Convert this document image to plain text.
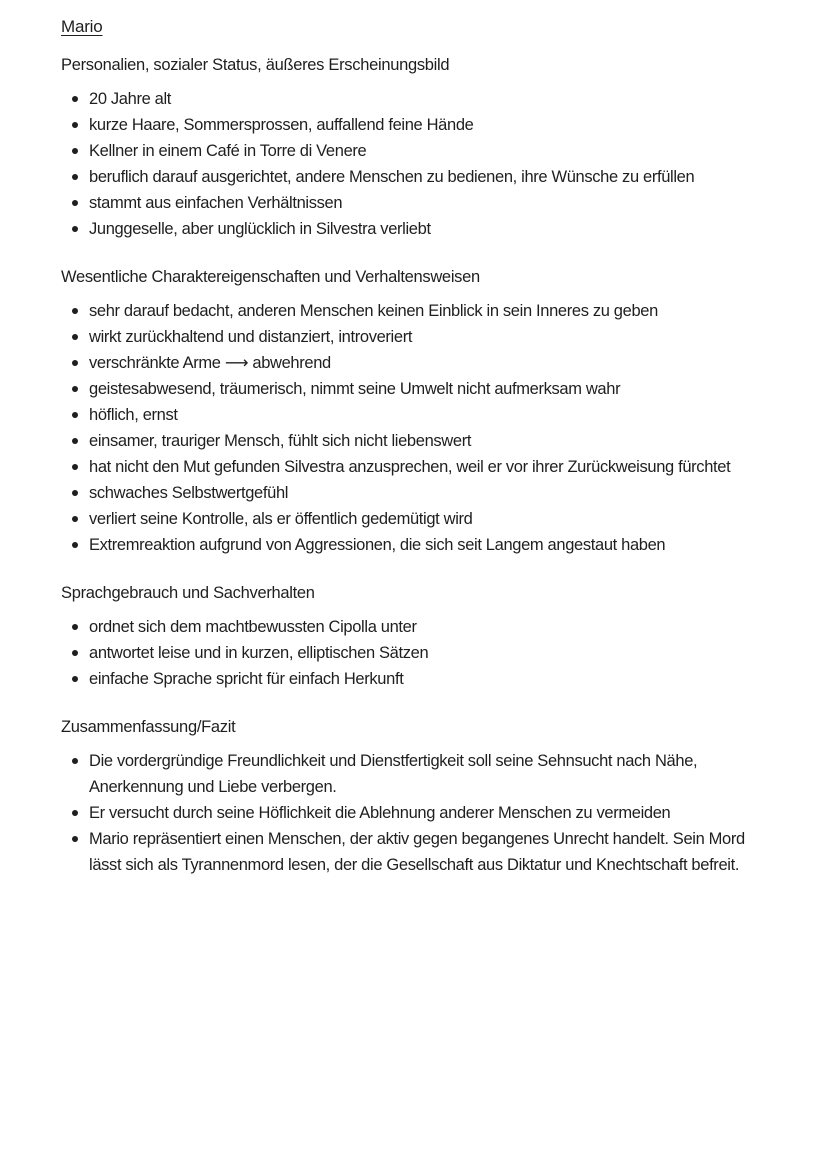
Mario
Personalien, sozialer Status, äußeres Erscheinungsbild
20 Jahre alt
kurze Haare, Sommersprossen, auffallend feine Hände
Kellner in einem Café in Torre di Venere
beruflich darauf ausgerichtet, andere Menschen zu bedienen, ihre Wünsche zu erfüllen
stammt aus einfachen Verhältnissen
Junggeselle, aber unglücklich in Silvestra verliebt
Wesentliche Charaktereigenschaften und Verhaltensweisen
sehr darauf bedacht, anderen Menschen keinen Einblick in sein Inneres zu geben
wirkt zurückhaltend und distanziert, introveriert
verschränkte Arme ⟶ abwehrend
geistesabwesend, träumerisch, nimmt seine Umwelt nicht aufmerksam wahr
höflich, ernst
einsamer, trauriger Mensch, fühlt sich nicht liebenswert
hat nicht den Mut gefunden Silvestra anzusprechen, weil er vor ihrer Zurückweisung fürchtet
schwaches Selbstwertgefühl
verliert seine Kontrolle, als er öffentlich gedemütigt wird
Extremreaktion aufgrund von Aggressionen, die sich seit Langem angestaut haben
Sprachgebrauch und Sachverhalten
ordnet sich dem machtbewussten Cipolla unter
antwortet leise und in kurzen, elliptischen Sätzen
einfache Sprache spricht für einfach Herkunft
Zusammenfassung/Fazit
Die vordergründige Freundlichkeit und Dienstfertigkeit soll seine Sehnsucht nach Nähe, Anerkennung und Liebe verbergen.
Er versucht durch seine Höflichkeit die Ablehnung anderer Menschen zu vermeiden
Mario repräsentiert einen Menschen, der aktiv gegen begangenes Unrecht handelt. Sein Mord lässt sich als Tyrannenmord lesen, der die Gesellschaft aus Diktatur und Knechtschaft befreit.
